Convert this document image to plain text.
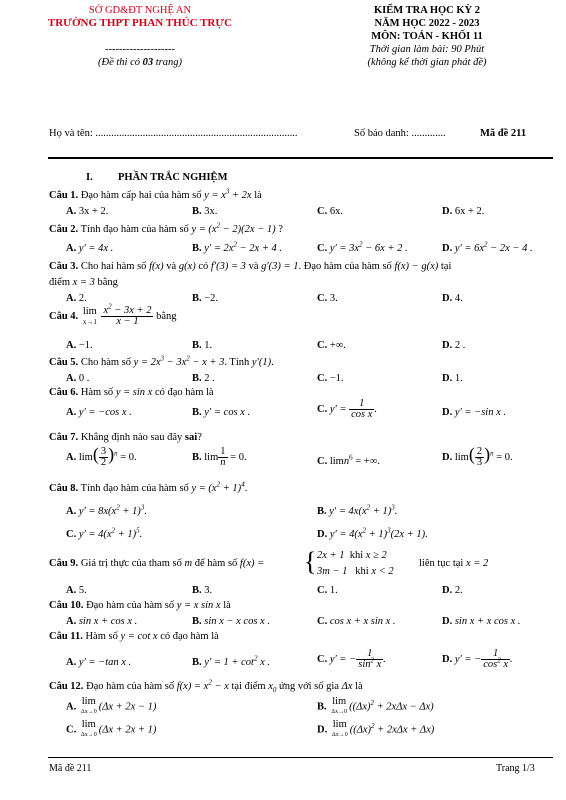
SỞ GD&ĐT NGHỆ AN
TRƯỜNG THPT PHAN THÚC TRỰC
--------------------
(Đề thi có 03 trang)
KIỂM TRA HỌC KỲ 2
NĂM HỌC 2022 - 2023
MÔN: TOÁN - KHỐI 11
Thời gian làm bài: 90 Phút
(không kể thời gian phát đề)
Họ và tên: .............................................................................	Số báo danh: .............	Mã đề 211
I. PHẦN TRẮC NGHIỆM
Câu 1. Đạo hàm cấp hai của hàm số $y = x^3 + 2x$ là
A. 3x + 2.	B. 3x.	C. 6x.	D. 6x + 2.
Câu 2. Tính đạo hàm của hàm số $y = (x^2 - 2)(2x - 1)$ ?
A. y′ = 4x .	B. $y' = 2x^2 - 2x + 4$ .	C. $y' = 3x^2 - 6x + 2$ .	D. $y' = 6x^2 - 2x - 4$ .
Câu 3. Cho hai hàm số f(x) và g(x) có f′(3) = 3 và g′(3) = 1. Đạo hàm của hàm số f(x) − g(x) tại
điểm x = 3 bằng
A. 2.	B. −2.	C. 3.	D. 4.
Câu 4. lim
x→1
$\frac{x^2 - 3x + 2}{x - 1}$ bằng
A. −1.	B. 1.	C. +∞.	D. 2 .
Câu 5. Cho hàm số $y = 2x^3 - 3x^2 - x + 3$. Tính y′(1).
A. 0 .	B. 2 .	C. −1.	D. 1.
Câu 6. Hàm số y = sin x có đạo hàm là
A. y′ = −cos x .	B. y′ = cos x .	C. $y' = \frac{1}{\text{cos x}}$ .	D. y′ = −sin x .
Câu 7. Khẳng định nào sau đây sai?
A. $\lim( \frac{3}{2} )^n = 0$.	B. $\lim \frac{1}{n} = 0$.	C. limn$^6$ = +∞.	D. $\lim( \frac{2}{3} )^n = 0$.
Câu 8. Tính đạo hàm của hàm số $y = (x^2 + 1)^4$.
A. $y' = 8x(x^2 + 1)^3$.	B. $y' = 4x(x^2 + 1)^3$.
C. $y' = 4(x^2 + 1)^5$.	D. $y' = 4(x^2 + 1)^3(2x + 1)$.
Câu 9. Giá trị thực của tham số m để hàm số f(x) = { 2x + 1  khi x ≥ 2
3m − 1   khi x < 2
liên tục tại x = 2
A. 5.	B. 3.	C. 1.	D. 2.
Câu 10. Đạo hàm của hàm số y = x sin x là
A. sin x + cos x .	B. sin x − x cos x .	C. cos x + x sin x .	D. sin x + x cos x .
Câu 11. Hàm số y = cot x có đạo hàm là
A. y′ = −tan x .	B. $y' = 1 + \cot^2 x$ .	C. y′ = − $\frac{1}{\sin^2 x}$ .	D. y′ = − $\frac{1}{\cos^2 x}$ .
Câu 12. Đạo hàm của hàm số $f(x) = x^2 - x$ tại điểm $x_0$ ứng với số gia Δx là
A. lim
Δx→0 (Δx + 2x − 1)	B. lim
Δx→0 $((\Delta x)^2 + 2x\Delta x - \Delta x)$
C. lim
Δx→0 (Δx + 2x + 1)	D. lim
Δx→0 $((\Delta x)^2 + 2x\Delta x + \Delta x)$
Mã đề 211	Trang 1/3
